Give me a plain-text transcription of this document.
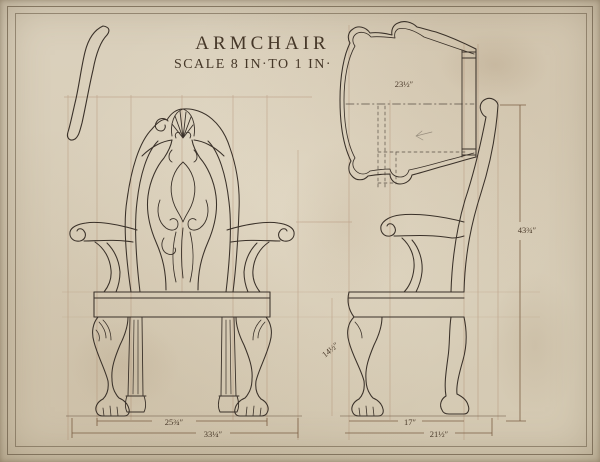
ARMCHAIR
SCALE 8 IN·TO 1 IN·
23½″
43¾″
14½″
25¾″
33¼″
17″
21½″
